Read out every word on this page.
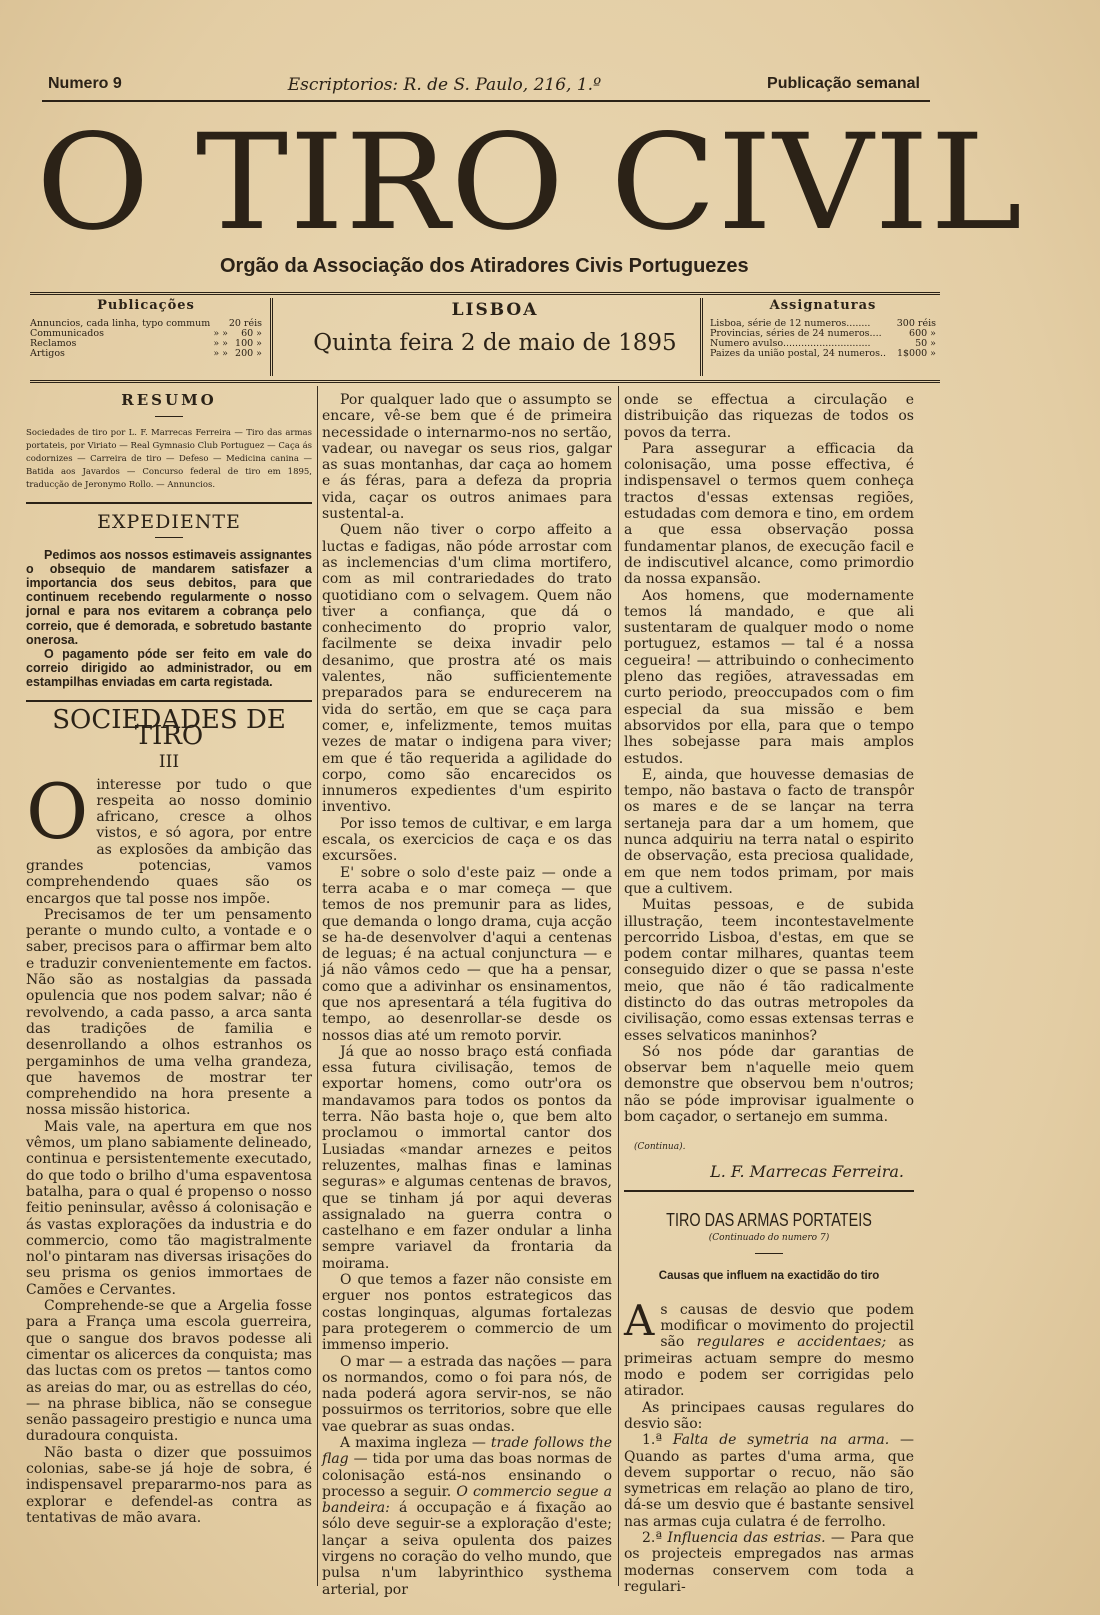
Numero 9	Escriptorios: R. de S. Paulo, 216, 1.º	Publicação semanal
O TIRO CIVIL
Orgão da Associação dos Atiradores Civis Portuguezes
Publicações
Annuncios, cada linha, typo commum		20 réis
Communicados	» »	60 »
Reclamos	» »	100 »
Artigos	» »	200 »
LISBOA
Quinta feira 2 de maio de 1895
Assignaturas
Lisboa, série de 12 numeros........	300 réis
Provincias, séries de 24 numeros....	600 »
Numero avulso.............................	50 »
Paizes da união postal, 24 numeros..	1$000 »
RESUMO
Sociedades de tiro por L. F. Marrecas Ferreira — Tiro das armas portateis, por Viriato — Real Gymnasio Club Portuguez — Caça ás codornizes — Carreira de tiro — Defeso — Medicina canina — Batida aos Javardos — Concurso federal de tiro em 1895, traducção de Jeronymo Rollo. — Annuncios.
EXPEDIENTE

Pedimos aos nossos estimaveis assignantes o obsequio de mandarem satisfazer a importancia dos seus debitos, para que continuem recebendo regularmente o nosso jornal e para nos evitarem a cobrança pelo correio, que é demorada, e sobretudo bastante onerosa.

O pagamento póde ser feito em vale do correio dirigido ao administrador, ou em estampilhas enviadas em carta registada.

SOCIEDADES DE TIRO
III

Ointeresse por tudo o que respeita ao nosso dominio africano, cresce a olhos vistos, e só agora, por entre as explosões da ambição das grandes potencias, vamos comprehendendo quaes são os encargos que tal posse nos impõe.

Precisamos de ter um pensamento perante o mundo culto, a vontade e o saber, precisos para o affirmar bem alto e traduzir convenientemente em factos. Não são as nostalgias da passada opulencia que nos podem salvar; não é revolvendo, a cada passo, a arca santa das tradições de familia e desenrollando a olhos estranhos os pergaminhos de uma velha grandeza, que havemos de mostrar ter comprehendido na hora presente a nossa missão historica.

Mais vale, na apertura em que nos vêmos, um plano sabiamente delineado, continua e persistentemente executado, do que todo o brilho d'uma espaventosa batalha, para o qual é propenso o nosso feitio peninsular, avêsso á colonisação e ás vastas explorações da industria e do commercio, como tão magistralmente nol'o pintaram nas diversas irisações do seu prisma os genios immortaes de Camões e Cervantes.

Comprehende-se que a Argelia fosse para a França uma escola guerreira, que o sangue dos bravos podesse ali cimentar os alicerces da conquista; mas das luctas com os pretos — tantos como as areias do mar, ou as estrellas do céo, — na phrase biblica, não se consegue senão passageiro prestigio e nunca uma duradoura conquista.

Não basta o dizer que possuimos colonias, sabe-se já hoje de sobra, é indispensavel prepararmo-nos para as explorar e defendel-as contra as tentativas de mão avara.

Por qualquer lado que o assumpto se encare, vê-se bem que é de primeira necessidade o internarmo-nos no sertão, vadear, ou navegar os seus rios, galgar as suas montanhas, dar caça ao homem e ás féras, para a defeza da propria vida, caçar os outros animaes para sustental-a.

Quem não tiver o corpo affeito a luctas e fadigas, não póde arrostar com as inclemencias d'um clima mortifero, com as mil contrariedades do trato quotidiano com o selvagem. Quem não tiver a confiança, que dá o conhecimento do proprio valor, facilmente se deixa invadir pelo desanimo, que prostra até os mais valentes, não sufficientemente preparados para se endurecerem na vida do sertão, em que se caça para comer, e, infelizmente, temos muitas vezes de matar o indigena para viver; em que é tão requerida a agilidade do corpo, como são encarecidos os innumeros expedientes d'um espirito inventivo.

Por isso temos de cultivar, e em larga escala, os exercicios de caça e os das excursões.

E' sobre o solo d'este paiz — onde a terra acaba e o mar começa — que temos de nos premunir para as lides, que demanda o longo drama, cuja acção se ha-de desenvolver d'aqui a centenas de leguas; é na actual conjunctura — e já não vâmos cedo — que ha a pensar, como que a adivinhar os ensinamentos, que nos apresentará a téla fugitiva do tempo, ao desenrollar-se desde os nossos dias até um remoto porvir.

Já que ao nosso braço está confiada essa futura civilisação, temos de exportar homens, como outr'ora os mandavamos para todos os pontos da terra. Não basta hoje o, que bem alto proclamou o immortal cantor dos Lusiadas «mandar arnezes e peitos reluzentes, malhas finas e laminas seguras» e algumas centenas de bravos, que se tinham já por aqui deveras assignalado na guerra contra o castelhano e em fazer ondular a linha sempre variavel da frontaria da moirama.

O que temos a fazer não consiste em erguer nos pontos estrategicos das costas longinquas, algumas fortalezas para protegerem o commercio de um immenso imperio.

O mar — a estrada das nações — para os normandos, como o foi para nós, de nada poderá agora servir-nos, se não possuirmos os territorios, sobre que elle vae quebrar as suas ondas.

A maxima ingleza — trade follows the flag — tida por uma das boas normas de colonisação está-nos ensinando o processo a seguir. O commercio segue a bandeira: á occupação e á fixação ao sólo deve seguir-se a exploração d'este; lançar a seiva opulenta dos paizes virgens no coração do velho mundo, que pulsa n'um labyrinthico systhema arterial, por

onde se effectua a circulação e distribuição das riquezas de todos os povos da terra.

Para assegurar a efficacia da colonisação, uma posse effectiva, é indispensavel o termos quem conheça tractos d'essas extensas regiões, estudadas com demora e tino, em ordem a que essa observação possa fundamentar planos, de execução facil e de indiscutivel alcance, como primordio da nossa expansão.

Aos homens, que modernamente temos lá mandado, e que ali sustentaram de qualquer modo o nome portuguez, estamos — tal é a nossa cegueira! — attribuindo o conhecimento pleno das regiões, atravessadas em curto periodo, preoccupados com o fim especial da sua missão e bem absorvidos por ella, para que o tempo lhes sobejasse para mais amplos estudos.

E, ainda, que houvesse demasias de tempo, não bastava o facto de transpôr os mares e de se lançar na terra sertaneja para dar a um homem, que nunca adquiriu na terra natal o espirito de observação, esta preciosa qualidade, em que nem todos primam, por mais que a cultivem.

Muitas pessoas, e de subida illustração, teem incontestavelmente percorrido Lisboa, d'estas, em que se podem contar milhares, quantas teem conseguido dizer o que se passa n'este meio, que não é tão radicalmente distincto do das outras metropoles da civilisação, como essas extensas terras e esses selvaticos maninhos?

Só nos póde dar garantias de observar bem n'aquelle meio quem demonstre que observou bem n'outros; não se póde improvisar igualmente o bom caçador, o sertanejo em summa.

(Continua).
L. F. Marrecas Ferreira.
TIRO DAS ARMAS PORTATEIS
(Continuado do numero 7)
Causas que influem na exactidão do tiro

As causas de desvio que podem modificar o movimento do projectil são regulares e accidentaes; as primeiras actuam sempre do mesmo modo e podem ser corrigidas pelo atirador.

As principaes causas regulares do desvio são:

1.ª Falta de symetria na arma. — Quando as partes d'uma arma, que devem supportar o recuo, não são symetricas em relação ao plano de tiro, dá-se um desvio que é bastante sensivel nas armas cuja culatra é de ferrolho.

2.ª Influencia das estrias. — Para que os projecteis empregados nas armas modernas conservem com toda a regulari-
